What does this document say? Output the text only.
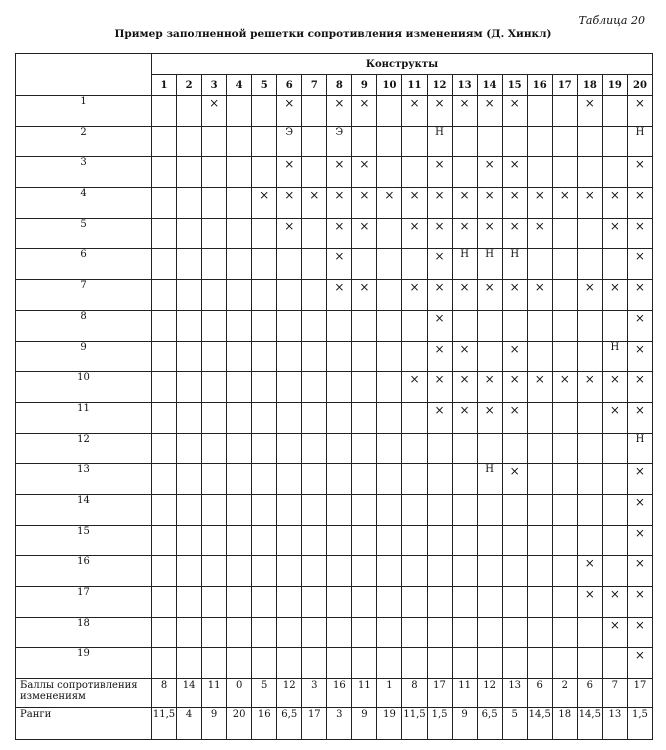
Таблица 20
Пример заполненной решетки сопротивления изменениям (Д. Хинкл)
	Конструкты																			
	1	2	3	4	5	6	7	8	9	10	11	12	13	14	15	16	17	18	19	20
1			×			×		×	×		×	×	×	×	×			×		×
2						Э		Э				Н								Н
3						×		×	×			×		×	×					×
4					×	×	×	×	×	×	×	×	×	×	×	×	×	×	×	×
5						×		×	×		×	×	×	×	×	×			×	×
6								×				×	Н	Н	Н					×
7								×	×		×	×	×	×	×	×		×	×	×
8												×								×
9												×	×		×				Н	×
10											×	×	×	×	×	×	×	×	×	×
11												×	×	×	×				×	×
12																				Н
13														Н	×					×
14																				×
15																				×
16																		×		×
17																		×	×	×
18																			×	×
19																				×

Баллы сопротивления
изменениям	8	14	11	0	5	12	3	16	11	1	8	17	11	12	13	6	2	6	7	17
Ранги	11,5	4	9	20	16	6,5	17	3	9	19	11,5	1,5	9	6,5	5	14,5	18	14,5	13	1,5
